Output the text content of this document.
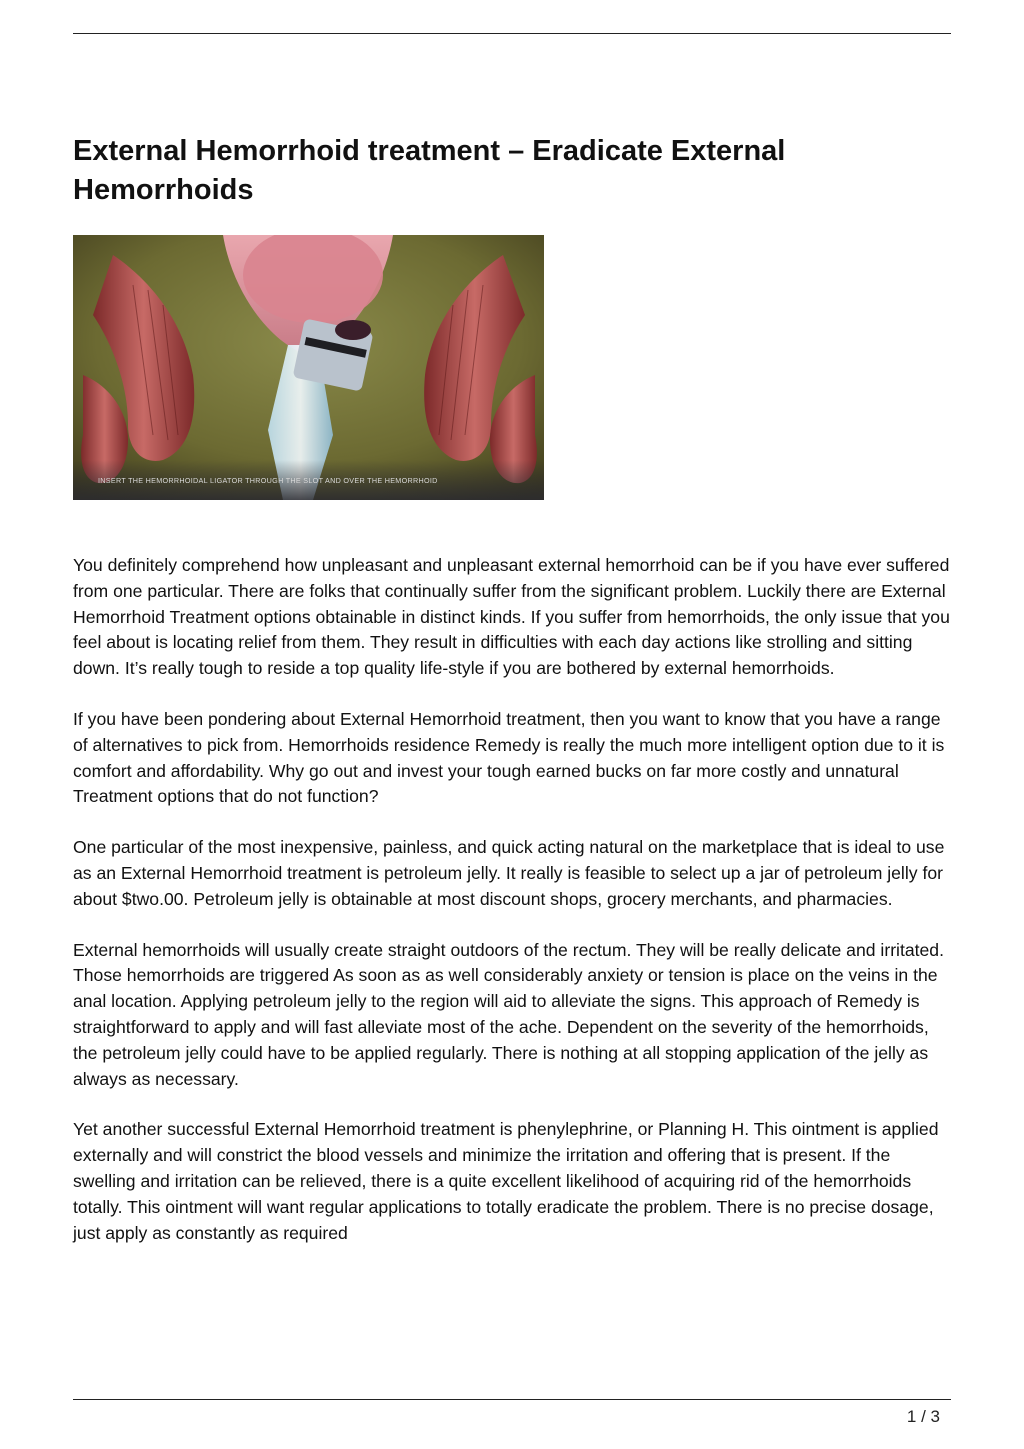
External Hemorrhoid treatment – Eradicate External Hemorrhoids
INSERT THE HEMORRHOIDAL LIGATOR THROUGH THE SLOT AND OVER THE HEMORRHOID

You definitely comprehend how unpleasant and unpleasant external hemorrhoid can be if you have ever suffered from one particular. There are folks that continually suffer from the significant problem. Luckily there are External Hemorrhoid Treatment options obtainable in distinct kinds. If you suffer from hemorrhoids, the only issue that you feel about is locating relief from them. They result in difficulties with each day actions like strolling and sitting down. It’s really tough to reside a top quality life-style if you are bothered by external hemorrhoids.

If you have been pondering about External Hemorrhoid treatment, then you want to know that you have a range of alternatives to pick from. Hemorrhoids residence Remedy is really the much more intelligent option due to it is comfort and affordability. Why go out and invest your tough earned bucks on far more costly and unnatural Treatment options that do not function?

One particular of the most inexpensive, painless, and quick acting natural on the marketplace that is ideal to use as an External Hemorrhoid treatment is petroleum jelly. It really is feasible to select up a jar of petroleum jelly for about $two.00. Petroleum jelly is obtainable at most discount shops, grocery merchants, and pharmacies.

External hemorrhoids will usually create straight outdoors of the rectum. They will be really delicate and irritated. Those hemorrhoids are triggered As soon as as well considerably anxiety or tension is place on the veins in the anal location. Applying petroleum jelly to the region will aid to alleviate the signs. This approach of Remedy is straightforward to apply and will fast alleviate most of the ache. Dependent on the severity of the hemorrhoids, the petroleum jelly could have to be applied regularly. There is nothing at all stopping application of the jelly as always as necessary.

Yet another successful External Hemorrhoid treatment is phenylephrine, or Planning H. This ointment is applied externally and will constrict the blood vessels and minimize the irritation and offering that is present. If the swelling and irritation can be relieved, there is a quite excellent likelihood of acquiring rid of the hemorrhoids totally. This ointment will want regular applications to totally eradicate the problem. There is no precise dosage, just apply as constantly as required

1 / 3
